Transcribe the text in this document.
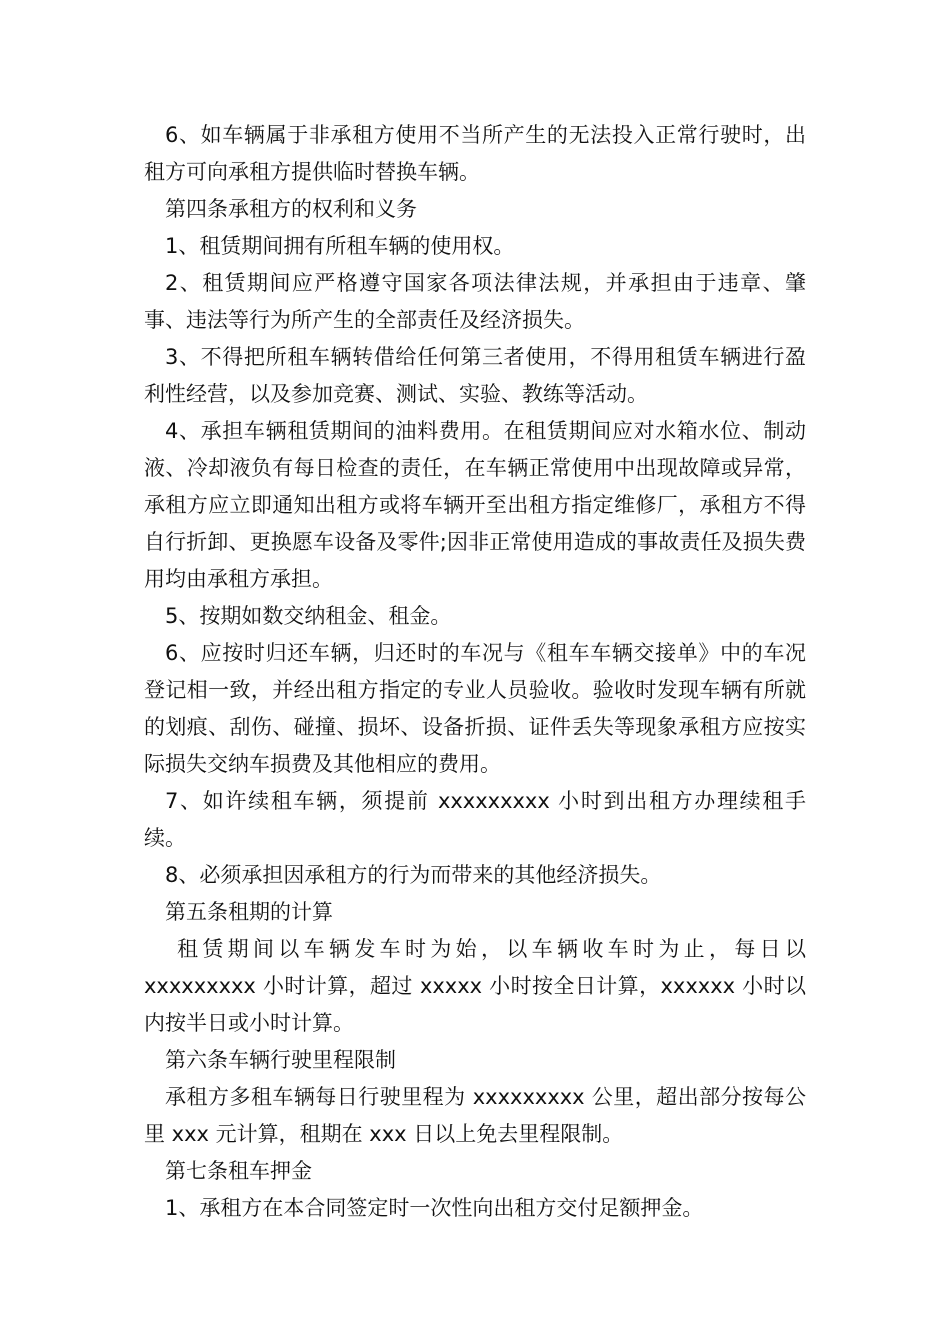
6、如车辆属于非承租方使用不当所产生的无法投入正常行驶时，出租方可向承租方提供临时替换车辆。

第四条承租方的权利和义务

1、租赁期间拥有所租车辆的使用权。

2、租赁期间应严格遵守国家各项法律法规，并承担由于违章、肇事、违法等行为所产生的全部责任及经济损失。

3、不得把所租车辆转借给任何第三者使用，不得用租赁车辆进行盈利性经营，以及参加竞赛、测试、实验、教练等活动。

4、承担车辆租赁期间的油料费用。在租赁期间应对水箱水位、制动液、冷却液负有每日检查的责任，在车辆正常使用中出现故障或异常，承租方应立即通知出租方或将车辆开至出租方指定维修厂，承租方不得自行折卸、更换愿车设备及零件;因非正常使用造成的事故责任及损失费用均由承租方承担。

5、按期如数交纳租金、租金。

6、应按时归还车辆，归还时的车况与《租车车辆交接单》中的车况登记相一致，并经出租方指定的专业人员验收。验收时发现车辆有所就的划痕、刮伤、碰撞、损坏、设备折损、证件丢失等现象承租方应按实际损失交纳车损费及其他相应的费用。

7、如许续租车辆，须提前 xxxxxxxxx 小时到出租方办理续租手续。

8、必须承担因承租方的行为而带来的其他经济损失。

第五条租期的计算

租赁期间以车辆发车时为始，以车辆收车时为止，每日以 xxxxxxxxx 小时计算，超过 xxxxx 小时按全日计算，xxxxxx 小时以内按半日或小时计算。

第六条车辆行驶里程限制

承租方多租车辆每日行驶里程为 xxxxxxxxx 公里，超出部分按每公里 xxx 元计算，租期在 xxx 日以上免去里程限制。

第七条租车押金

1、承租方在本合同签定时一次性向出租方交付足额押金。
